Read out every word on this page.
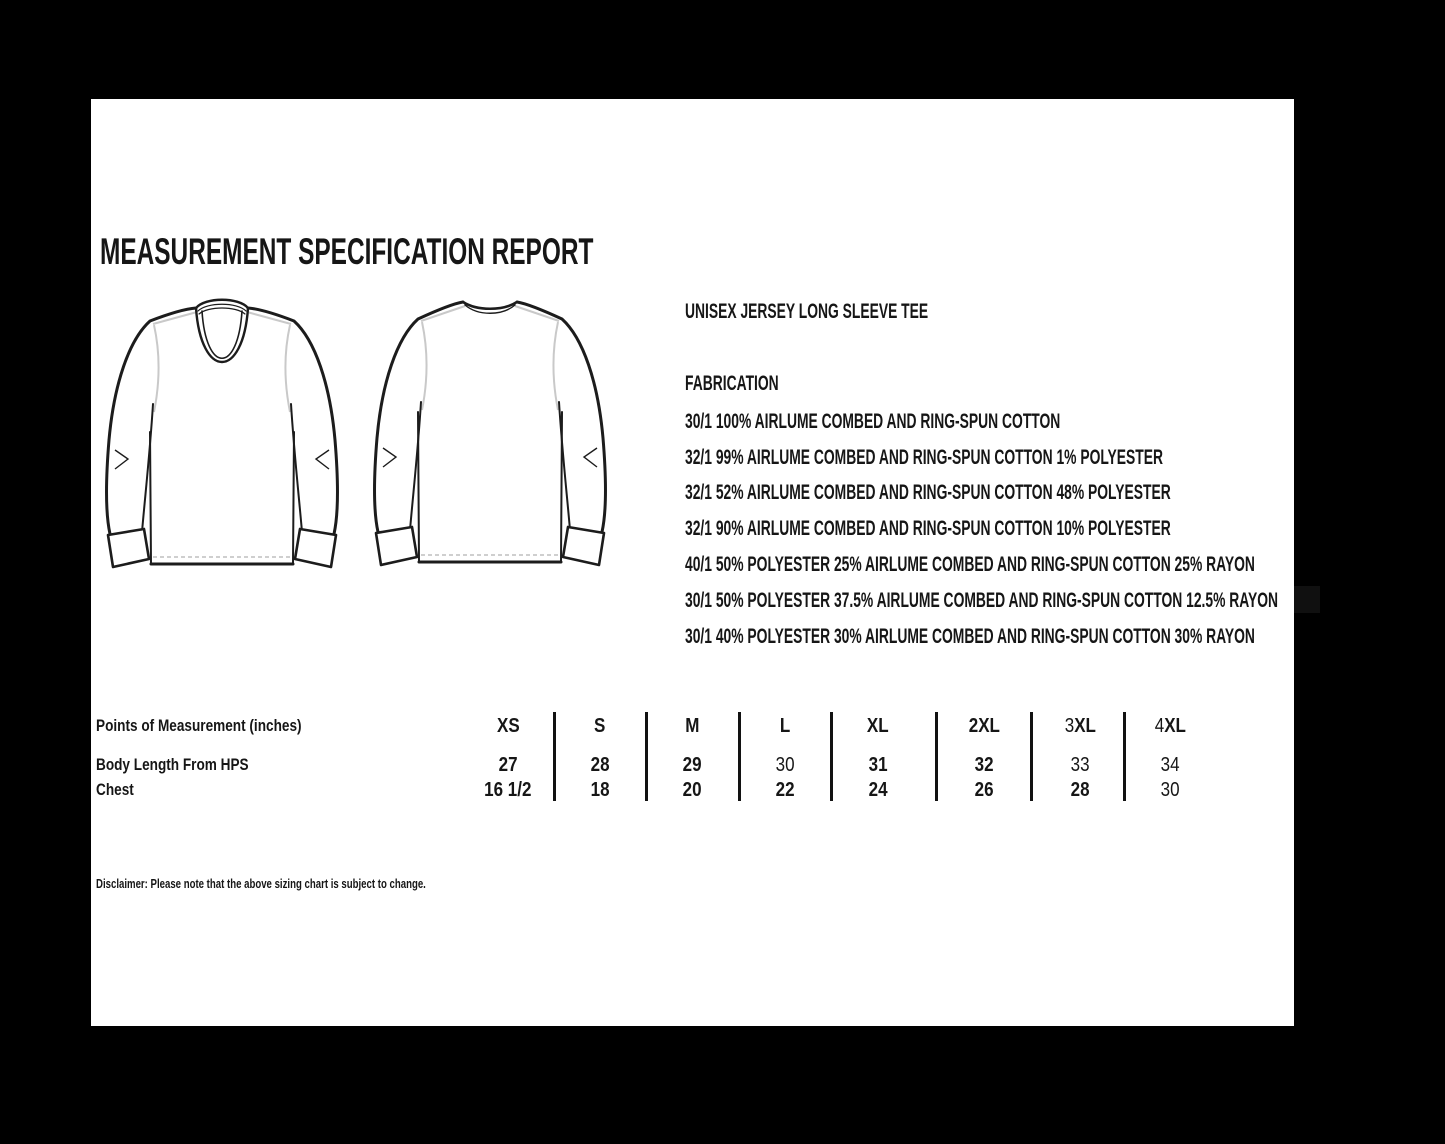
MEASUREMENT SPECIFICATION REPORT
UNISEX JERSEY LONG SLEEVE TEE
FABRICATION
30/1 100% AIRLUME COMBED AND RING-SPUN COTTON
32/1 99% AIRLUME COMBED AND RING-SPUN COTTON 1% POLYESTER
32/1 52% AIRLUME COMBED AND RING-SPUN COTTON 48% POLYESTER
32/1 90% AIRLUME COMBED AND RING-SPUN COTTON 10% POLYESTER
40/1 50% POLYESTER 25% AIRLUME COMBED AND RING-SPUN COTTON 25% RAYON
30/1 50% POLYESTER 37.5% AIRLUME COMBED AND RING-SPUN COTTON 12.5% RAYON
30/1 40% POLYESTER 30% AIRLUME COMBED AND RING-SPUN COTTON 30% RAYON
Points of Measurement (inches)	XS	S	M	L	XL	2XL	3XL	4XL
Body Length From HPS	27	28	29	30	31	32	33	34
Chest	16 1/2	18	20	22	24	26	28	30
Disclaimer: Please note that the above sizing chart is subject to change.
